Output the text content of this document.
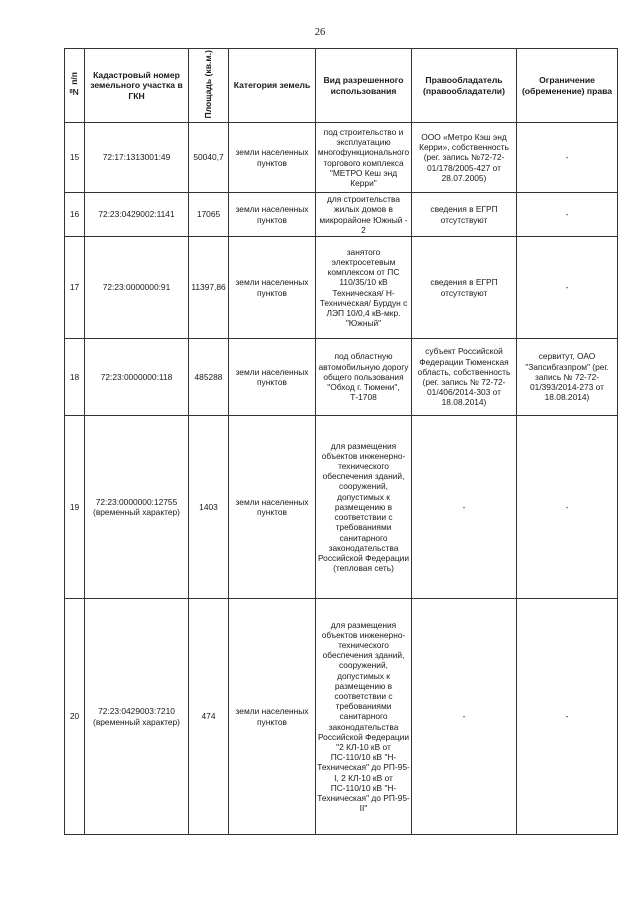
26
№ п/п	Кадастровый номер земельного участка в ГКН	Площадь (кв.м.)	Категория земель	Вид разрешенного использования	Правообладатель (правообладатели)	Ограничение (обременение) права
15	72:17:1313001:49	50040,7	земли населенных пунктов	под строительство и эксплуатацию многофункционального торгового комплекса "МЕТРО Кеш энд Керри"	ООО «Метро Кэш энд Керри», собственность (рег. запись №72-72-01/178/2005-427 от 28.07.2005)	-
16	72:23:0429002:1141	17065	земли населенных пунктов	для строительства жилых домов в микрорайоне Южный - 2	сведения в ЕГРП отсутствуют	-
17	72:23:0000000:91	11397,86	земли населенных пунктов	занятого электросетевым комплексом от ПС 110/35/10 кВ Техническая/ Н-Техническая/ Бурдун с ЛЭП 10/0,4 кВ-мкр. "Южный"	сведения в ЕГРП отсутствуют	-
18	72:23:0000000:118	485288	земли населенных пунктов	под областную автомобильную дорогу общего пользования "Обход г. Тюмени", Т-1708	субъект Российской Федерации Тюменская область, собственность (рег. запись № 72-72-01/406/2014-303 от 18.08.2014)	сервитут, ОАО "Запсибгазпром" (рег. запись № 72-72-01/393/2014-273 от 18.08.2014)
19	72:23:0000000:12755 (временный характер)	1403	земли населенных пунктов	для размещения объектов инженерно-технического обеспечения зданий, сооружений, допустимых к размещению в соответствии с требованиями санитарного законодательства Российской Федерации (тепловая сеть)	-	-
20	72:23:0429003:7210 (временный характер)	474	земли населенных пунктов	для размещения объектов инженерно-технического обеспечения зданий, сооружений, допустимых к размещению в соответствии с требованиями санитарного законодательства Российской Федерации "2 КЛ-10 кВ от ПС-110/10 кВ "Н-Техническая" до РП-95-I, 2 КЛ-10 кВ от ПС-110/10 кВ "Н-Техническая" до РП-95-II"	-	-
